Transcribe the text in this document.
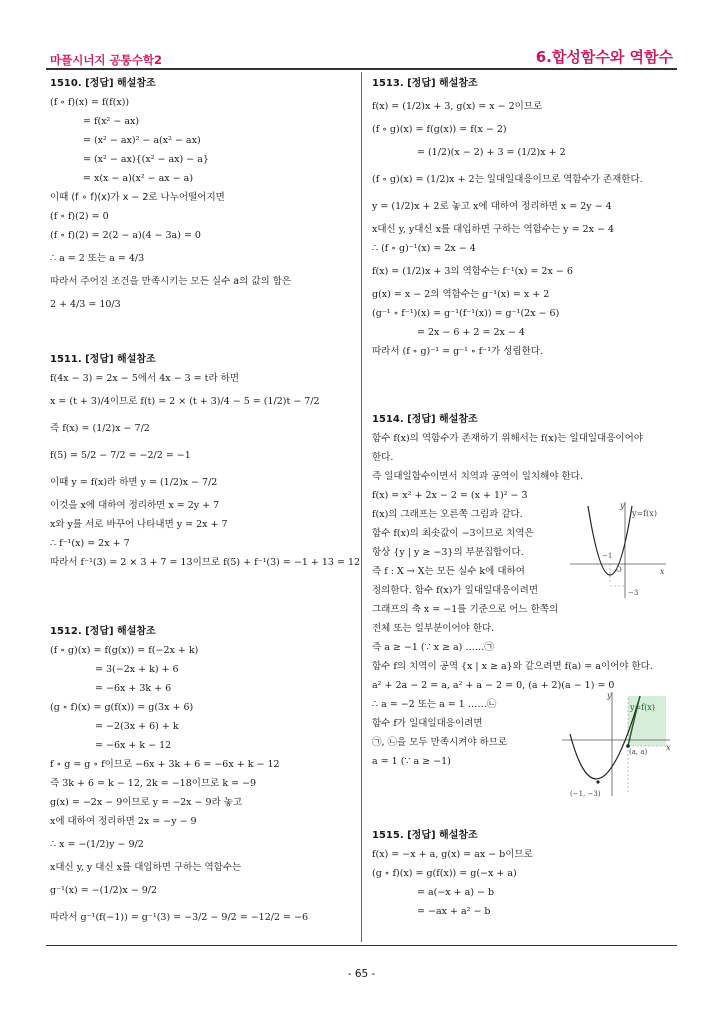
마플시너지 공통수학2	6.합성함수와 역함수
1510. [정답] 해설참조
(f ∘ f)(x) = f(f(x))
= f(x² − ax)
= (x² − ax)² − a(x² − ax)
= (x² − ax){(x² − ax) − a}
= x(x − a)(x² − ax − a)
이때 (f ∘ f)(x)가 x − 2로 나누어떨어지면
(f ∘ f)(2) = 0
(f ∘ f)(2) = 2(2 − a)(4 − 3a) = 0
∴ a = 2 또는 a = 4/3
따라서 주어진 조건을 만족시키는 모든 실수 a의 값의 합은
2 + 4/3 = 10/3
1511. [정답] 해설참조
f(4x − 3) = 2x − 5에서 4x − 3 = t라 하면
x = (t + 3)/4이므로 f(t) = 2 × (t + 3)/4 − 5 = (1/2)t − 7/2
즉 f(x) = (1/2)x − 7/2
f(5) = 5/2 − 7/2 = −2/2 = −1
이때 y = f(x)라 하면 y = (1/2)x − 7/2
이것을 x에 대하여 정리하면 x = 2y + 7
x와 y를 서로 바꾸어 나타내면 y = 2x + 7
∴ f⁻¹(x) = 2x + 7
따라서 f⁻¹(3) = 2 × 3 + 7 = 13이므로 f(5) + f⁻¹(3) = −1 + 13 = 12
1512. [정답] 해설참조
(f ∘ g)(x) = f(g(x)) = f(−2x + k)
= 3(−2x + k) + 6
= −6x + 3k + 6
(g ∘ f)(x) = g(f(x)) = g(3x + 6)
= −2(3x + 6) + k
= −6x + k − 12
f ∘ g = g ∘ f이므로 −6x + 3k + 6 = −6x + k − 12
즉 3k + 6 = k − 12, 2k = −18이므로 k = −9
g(x) = −2x − 9이므로 y = −2x − 9라 놓고
x에 대하여 정리하면 2x = −y − 9
∴ x = −(1/2)y − 9/2
x대신 y, y 대신 x를 대입하면 구하는 역함수는
g⁻¹(x) = −(1/2)x − 9/2
따라서 g⁻¹(f(−1)) = g⁻¹(3) = −3/2 − 9/2 = −12/2 = −6
1513. [정답] 해설참조
f(x) = (1/2)x + 3, g(x) = x − 2이므로
(f ∘ g)(x) = f(g(x)) = f(x − 2)
= (1/2)(x − 2) + 3 = (1/2)x + 2
(f ∘ g)(x) = (1/2)x + 2는 일대일대응이므로 역함수가 존재한다.
y = (1/2)x + 2로 놓고 x에 대하여 정리하면 x = 2y − 4
x대신 y, y대신 x를 대입하면 구하는 역함수는 y = 2x − 4
∴ (f ∘ g)⁻¹(x) = 2x − 4
f(x) = (1/2)x + 3의 역함수는 f⁻¹(x) = 2x − 6
g(x) = x − 2의 역함수는 g⁻¹(x) = x + 2
(g⁻¹ ∘ f⁻¹)(x) = g⁻¹(f⁻¹(x)) = g⁻¹(2x − 6)
= 2x − 6 + 2 = 2x − 4
따라서 (f ∘ g)⁻¹ = g⁻¹ ∘ f⁻¹가 성립한다.
1514. [정답] 해설참조
함수 f(x)의 역함수가 존재하기 위해서는 f(x)는 일대일대응이어야
한다.
즉 일대일함수이면서 치역과 공역이 일치해야 한다.
f(x) = x² + 2x − 2 = (x + 1)² − 3
f(x)의 그래프는 오른쪽 그림과 같다.
함수 f(x)의 최솟값이 −3이므로 치역은
항상 {y | y ≥ −3}의 부분집합이다.
즉 f : X → X는 모든 실수 k에 대하여
정의한다. 함수 f(x)가 일대일대응이려면
그래프의 축 x = −1를 기준으로 어느 한쪽의
전체 또는 일부분이어야 한다.
즉 a ≥ −1 (∵ x ≥ a) ……㉠
함수 f의 치역이 공역 {x | x ≥ a}와 같으려면 f(a) = a이어야 한다.
a² + 2a − 2 = a, a² + a − 2 = 0, (a + 2)(a − 1) = 0
∴ a = −2 또는 a = 1 ……㉡
함수 f가 일대일대응이려면
㉠, ㉡을 모두 만족시켜야 하므로
a = 1 (∵ a ≥ −1)
1515. [정답] 해설참조
f(x) = −x + a, g(x) = ax − b이므로
(g ∘ f)(x) = g(f(x)) = g(−x + a)
= a(−x + a) − b
= −ax + a² − b
x
y
y=f(x)
O
−1
−3
x
y
y=f(x)
(a, a)
(−1, −3)
- 65 -
